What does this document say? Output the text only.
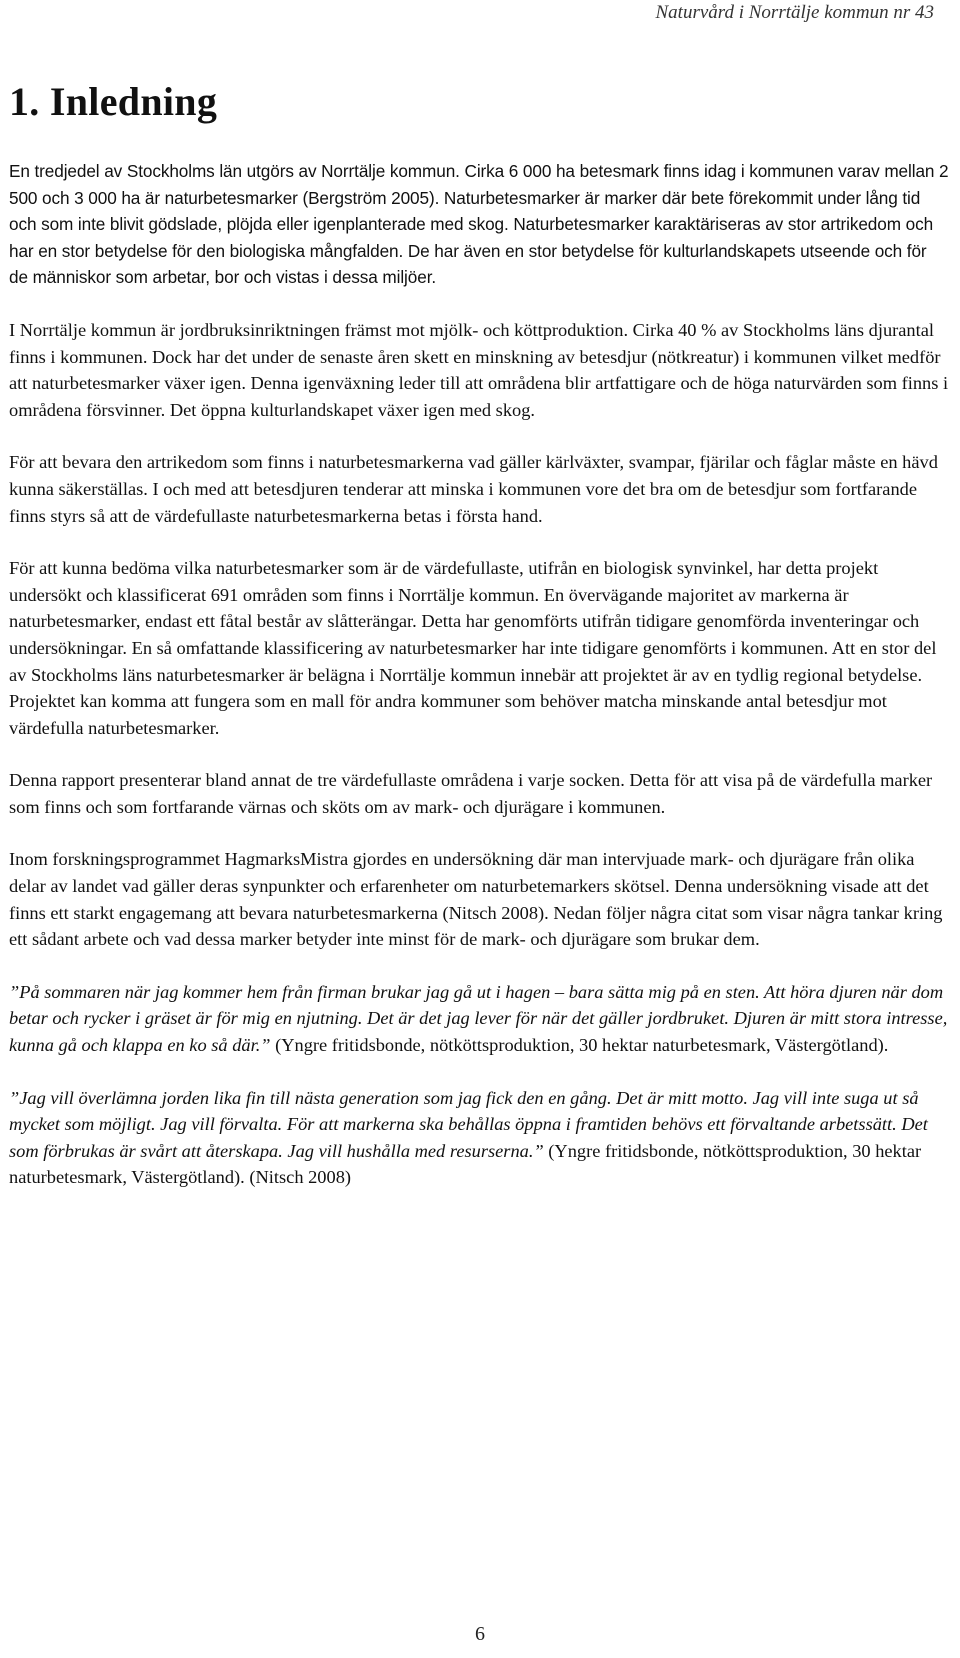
Naturvård i Norrtälje kommun nr 43
1. Inledning

En tredjedel av Stockholms län utgörs av Norrtälje kommun. Cirka 6 000 ha betesmark finns idag i kommunen varav mellan 2 500 och 3 000 ha är naturbetesmarker (Bergström 2005). Naturbetesmarker är marker där bete förekommit under lång tid och som inte blivit gödslade, plöjda eller igenplanterade med skog. Naturbetesmarker karaktäriseras av stor artrikedom och har en stor betydelse för den biologiska mångfalden. De har även en stor betydelse för kulturlandskapets utseende och för de människor som arbetar, bor och vistas i dessa miljöer.

I Norrtälje kommun är jordbruksinriktningen främst mot mjölk- och köttproduktion. Cirka 40 % av Stockholms läns djurantal finns i kommunen. Dock har det under de senaste åren skett en minskning av betesdjur (nötkreatur) i kommunen vilket medför att naturbetesmarker växer igen. Denna igenväxning leder till att områdena blir artfattigare och de höga naturvärden som finns i områdena försvinner. Det öppna kulturlandskapet växer igen med skog.

För att bevara den artrikedom som finns i naturbetesmarkerna vad gäller kärlväxter, svampar, fjärilar och fåglar måste en hävd kunna säkerställas. I och med att betesdjuren tenderar att minska i kommunen vore det bra om de betesdjur som fortfarande finns styrs så att de värdefullaste naturbetesmarkerna betas i första hand.

För att kunna bedöma vilka naturbetesmarker som är de värdefullaste, utifrån en biologisk synvinkel, har detta projekt undersökt och klassificerat 691 områden som finns i Norrtälje kommun. En övervägande majoritet av markerna är naturbetesmarker, endast ett fåtal består av slåtterängar. Detta har genomförts utifrån tidigare genomförda inventeringar och undersökningar. En så omfattande klassificering av naturbetesmarker har inte tidigare genomförts i kommunen. Att en stor del av Stockholms läns naturbetesmarker är belägna i Norrtälje kommun innebär att projektet är av en tydlig regional betydelse. Projektet kan komma att fungera som en mall för andra kommuner som behöver matcha minskande antal betesdjur mot värdefulla naturbetesmarker.

Denna rapport presenterar bland annat de tre värdefullaste områdena i varje socken. Detta för att visa på de värdefulla marker som finns och som fortfarande värnas och sköts om av mark- och djurägare i kommunen.

Inom forskningsprogrammet HagmarksMistra gjordes en undersökning där man intervjuade mark- och djurägare från olika delar av landet vad gäller deras synpunkter och erfarenheter om naturbetemarkers skötsel. Denna undersökning visade att det finns ett starkt engagemang att bevara naturbetesmarkerna (Nitsch 2008). Nedan följer några citat som visar några tankar kring ett sådant arbete och vad dessa marker betyder inte minst för de mark- och djurägare som brukar dem.

”På sommaren när jag kommer hem från firman brukar jag gå ut i hagen – bara sätta mig på en sten. Att höra djuren när dom betar och rycker i gräset är för mig en njutning. Det är det jag lever för när det gäller jordbruket. Djuren är mitt stora intresse, kunna gå och klappa en ko så där.” (Yngre fritidsbonde, nötköttsproduktion, 30 hektar naturbetesmark, Västergötland).

”Jag vill överlämna jorden lika fin till nästa generation som jag fick den en gång. Det är mitt motto. Jag vill inte suga ut så mycket som möjligt. Jag vill förvalta. För att markerna ska behållas öppna i framtiden behövs ett förvaltande arbetssätt. Det som förbrukas är svårt att återskapa. Jag vill hushålla med resurserna.” (Yngre fritidsbonde, nötköttsproduktion, 30 hektar naturbetesmark, Västergötland). (Nitsch 2008)

6
